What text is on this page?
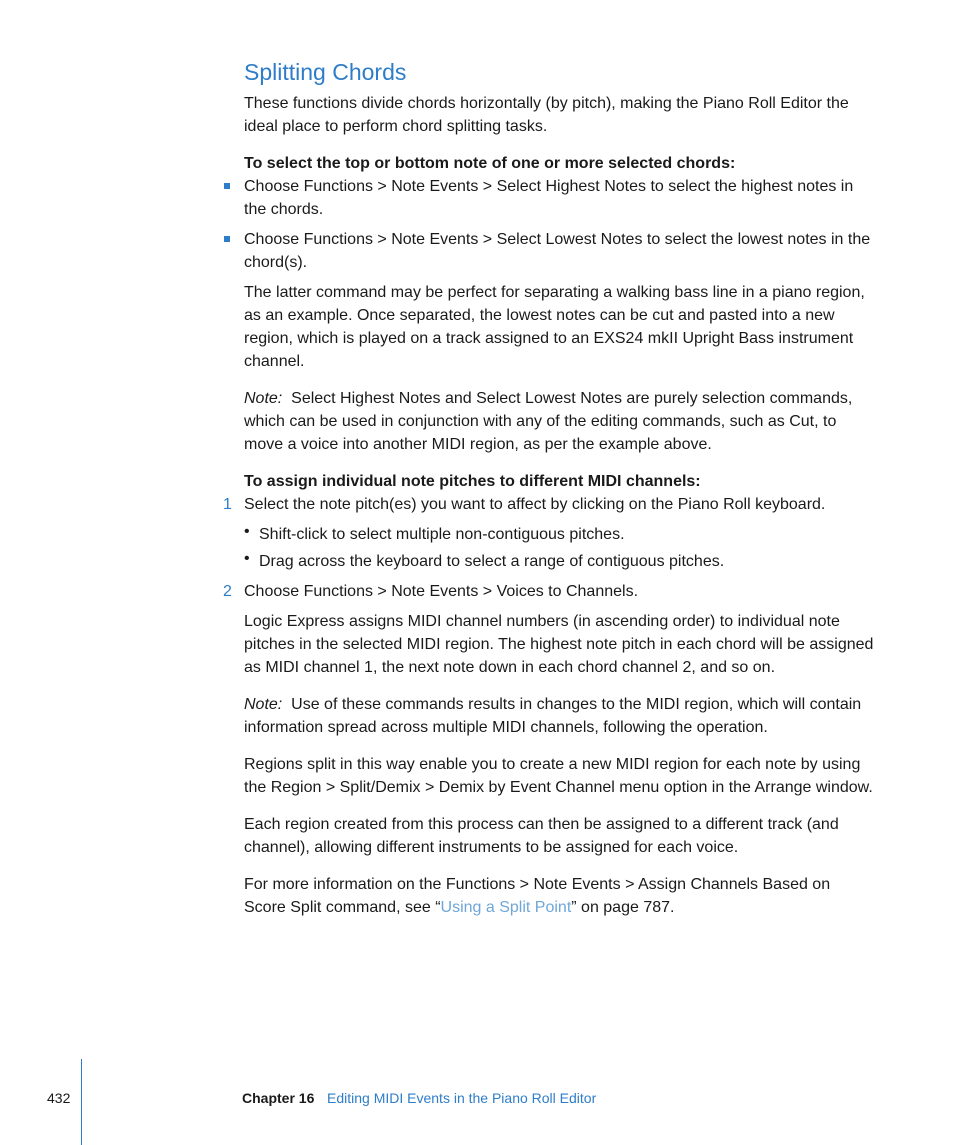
Splitting Chords

These functions divide chords horizontally (by pitch), making the Piano Roll Editor the ideal place to perform chord splitting tasks.

To select the top or bottom note of one or more selected chords:

Choose Functions > Note Events > Select Highest Notes to select the highest notes in the chords.

Choose Functions > Note Events > Select Lowest Notes to select the lowest notes in the chord(s).

The latter command may be perfect for separating a walking bass line in a piano region, as an example. Once separated, the lowest notes can be cut and pasted into a new region, which is played on a track assigned to an EXS24 mkII Upright Bass instrument channel.

Note: Select Highest Notes and Select Lowest Notes are purely selection commands, which can be used in conjunction with any of the editing commands, such as Cut, to move a voice into another MIDI region, as per the example above.

To assign individual note pitches to different MIDI channels:

1 Select the note pitch(es) you want to affect by clicking on the Piano Roll keyboard.

• Shift-click to select multiple non-contiguous pitches.

• Drag across the keyboard to select a range of contiguous pitches.

2 Choose Functions > Note Events > Voices to Channels.

Logic Express assigns MIDI channel numbers (in ascending order) to individual note pitches in the selected MIDI region. The highest note pitch in each chord will be assigned as MIDI channel 1, the next note down in each chord channel 2, and so on.

Note: Use of these commands results in changes to the MIDI region, which will contain information spread across multiple MIDI channels, following the operation.

Regions split in this way enable you to create a new MIDI region for each note by using the Region > Split/Demix > Demix by Event Channel menu option in the Arrange window.

Each region created from this process can then be assigned to a different track (and channel), allowing different instruments to be assigned for each voice.

For more information on the Functions > Note Events > Assign Channels Based on Score Split command, see “Using a Split Point” on page 787.

432	Chapter 16 Editing MIDI Events in the Piano Roll Editor
